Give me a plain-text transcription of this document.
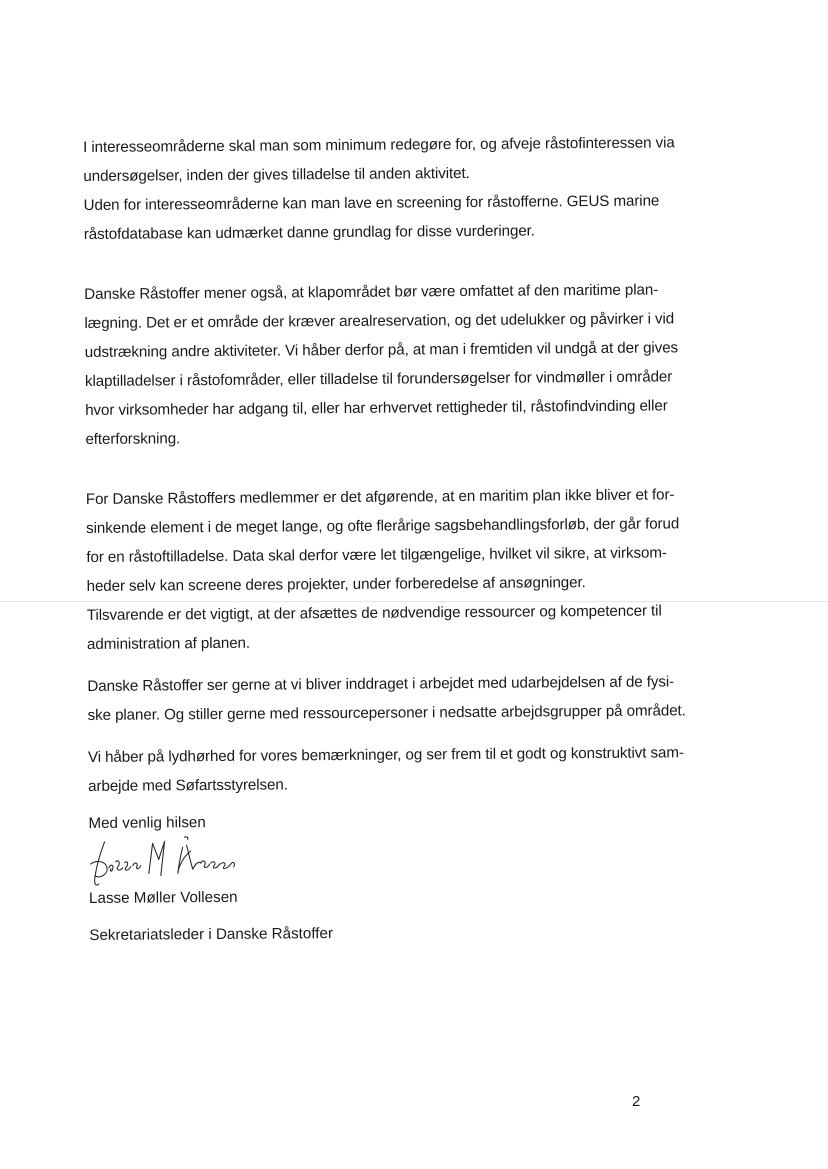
I interesseområderne skal man som minimum redegøre for, og afveje råstofinteressen via
undersøgelser, inden der gives tilladelse til anden aktivitet.
Uden for interesseområderne kan man lave en screening for råstofferne. GEUS marine
råstofdatabase kan udmærket danne grundlag for disse vurderinger.

Danske Råstoffer mener også, at klapområdet bør være omfattet af den maritime plan-
lægning. Det er et område der kræver arealreservation, og det udelukker og påvirker i vid
udstrækning andre aktiviteter. Vi håber derfor på, at man i fremtiden vil undgå at der gives
klaptilladelser i råstofområder, eller tilladelse til forundersøgelser for vindmøller i områder
hvor virksomheder har adgang til, eller har erhvervet rettigheder til, råstofindvinding eller
efterforskning.

For Danske Råstoffers medlemmer er det afgørende, at en maritim plan ikke bliver et for-
sinkende element i de meget lange, og ofte flerårige sagsbehandlingsforløb, der går forud
for en råstoftilladelse. Data skal derfor være let tilgængelige, hvilket vil sikre, at virksom-
heder selv kan screene deres projekter, under forberedelse af ansøgninger.
Tilsvarende er det vigtigt, at der afsættes de nødvendige ressourcer og kompetencer til
administration af planen.

Danske Råstoffer ser gerne at vi bliver inddraget i arbejdet med udarbejdelsen af de fysi-
ske planer. Og stiller gerne med ressourcepersoner i nedsatte arbejdsgrupper på området.

Vi håber på lydhørhed for vores bemærkninger, og ser frem til et godt og konstruktivt sam-
arbejde med Søfartsstyrelsen.

Med venlig hilsen

Lasse Møller Vollesen

Sekretariatsleder i Danske Råstoffer

2
